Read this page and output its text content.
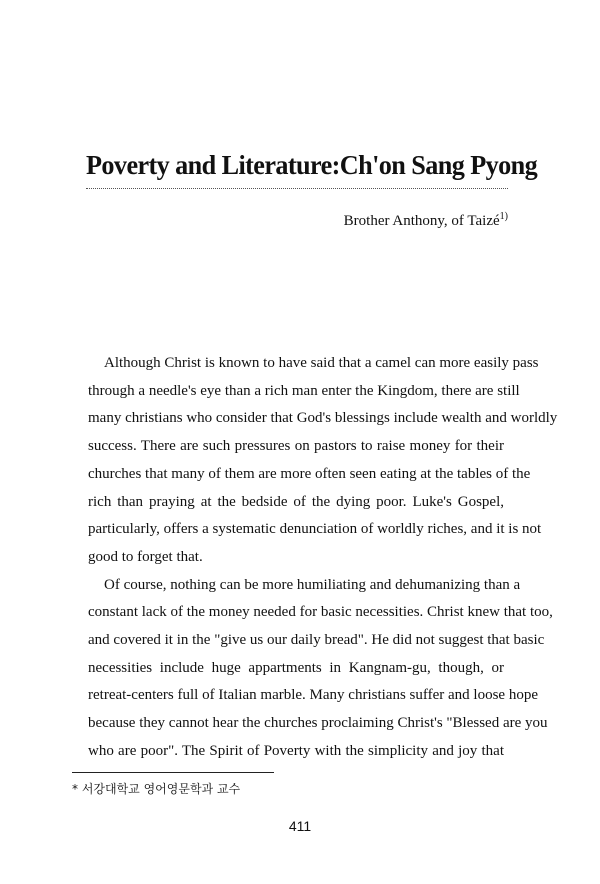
Poverty and Literature:Ch'on Sang Pyong
Brother Anthony, of Taizé$^{1)}$
Although Christ is known to have said that a camel can more easily pass
through a needle's eye than a rich man enter the Kingdom, there are still
many christians who consider that God's blessings include wealth and worldly
success. There are such pressures on pastors to raise money for their
churches that many of them are more often seen eating at the tables of the
rich than praying at the bedside of the dying poor. Luke's Gospel,
particularly, offers a systematic denunciation of worldly riches, and it is not
good to forget that.
Of course, nothing can be more humiliating and dehumanizing than a
constant lack of the money needed for basic necessities. Christ knew that too,
and covered it in the "give us our daily bread". He did not suggest that basic
necessities include huge appartments in Kangnam-gu, though, or
retreat-centers full of Italian marble. Many christians suffer and loose hope
because they cannot hear the churches proclaiming Christ's "Blessed are you
who are poor". The Spirit of Poverty with the simplicity and joy that
* 서강대학교 영어영문학과 교수
411
